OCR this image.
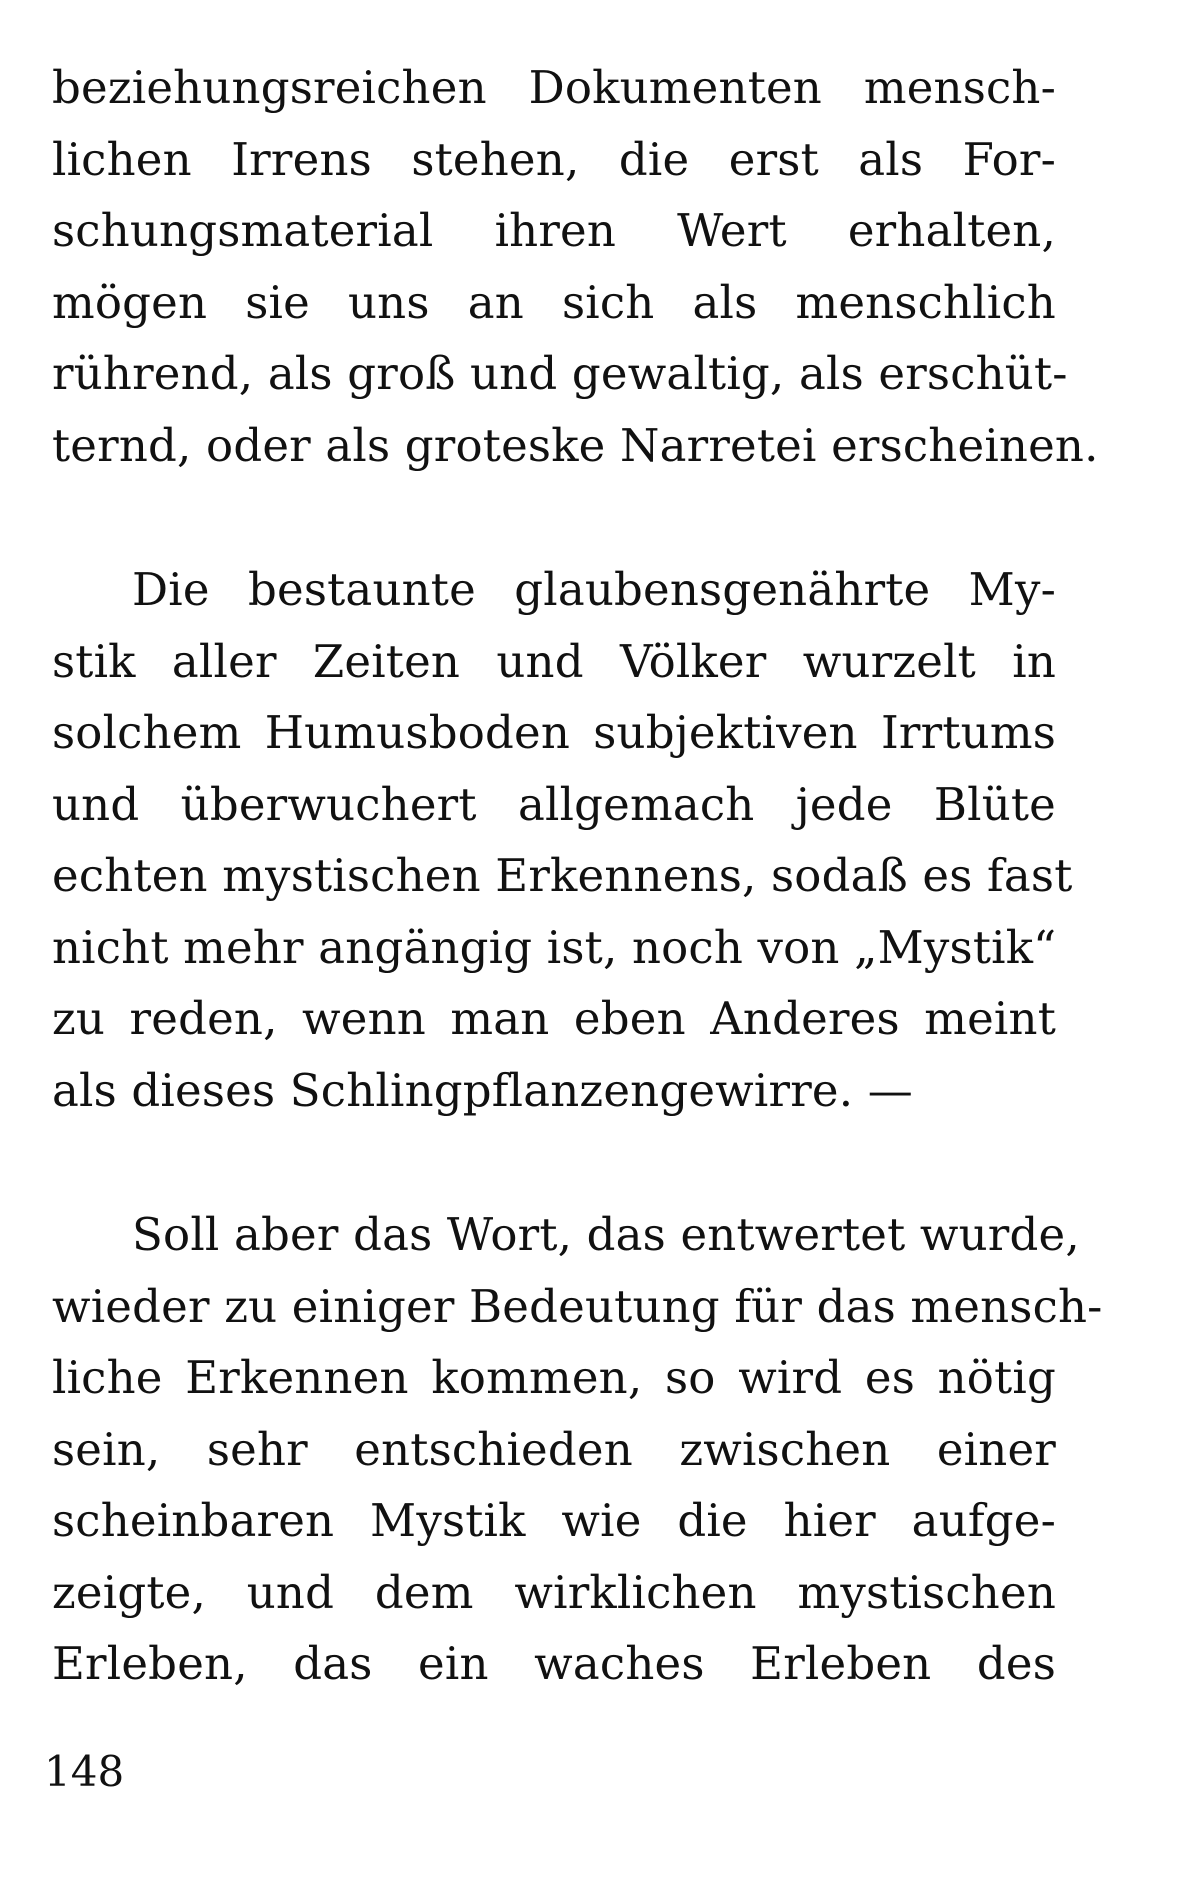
beziehungsreichen Dokumenten mensch-
lichen Irrens stehen, die erst als For-
schungsmaterial ihren Wert erhalten,
mögen sie uns an sich als menschlich
rührend, als groß und gewaltig, als erschüt-
ternd, oder als groteske Narretei erscheinen.

Die bestaunte glaubensgenährte My-
stik aller Zeiten und Völker wurzelt in
solchem Humusboden subjektiven Irrtums
und überwuchert allgemach jede Blüte
echten mystischen Erkennens, sodaß es fast
nicht mehr angängig ist, noch von „Mystik“
zu reden, wenn man eben Anderes meint
als dieses Schlingpflanzengewirre. —

Soll aber das Wort, das entwertet wurde,
wieder zu einiger Bedeutung für das mensch-
liche Erkennen kommen, so wird es nötig
sein, sehr entschieden zwischen einer
scheinbaren Mystik wie die hier aufge-
zeigte, und dem wirklichen mystischen
Erleben, das ein waches Erleben des

148
